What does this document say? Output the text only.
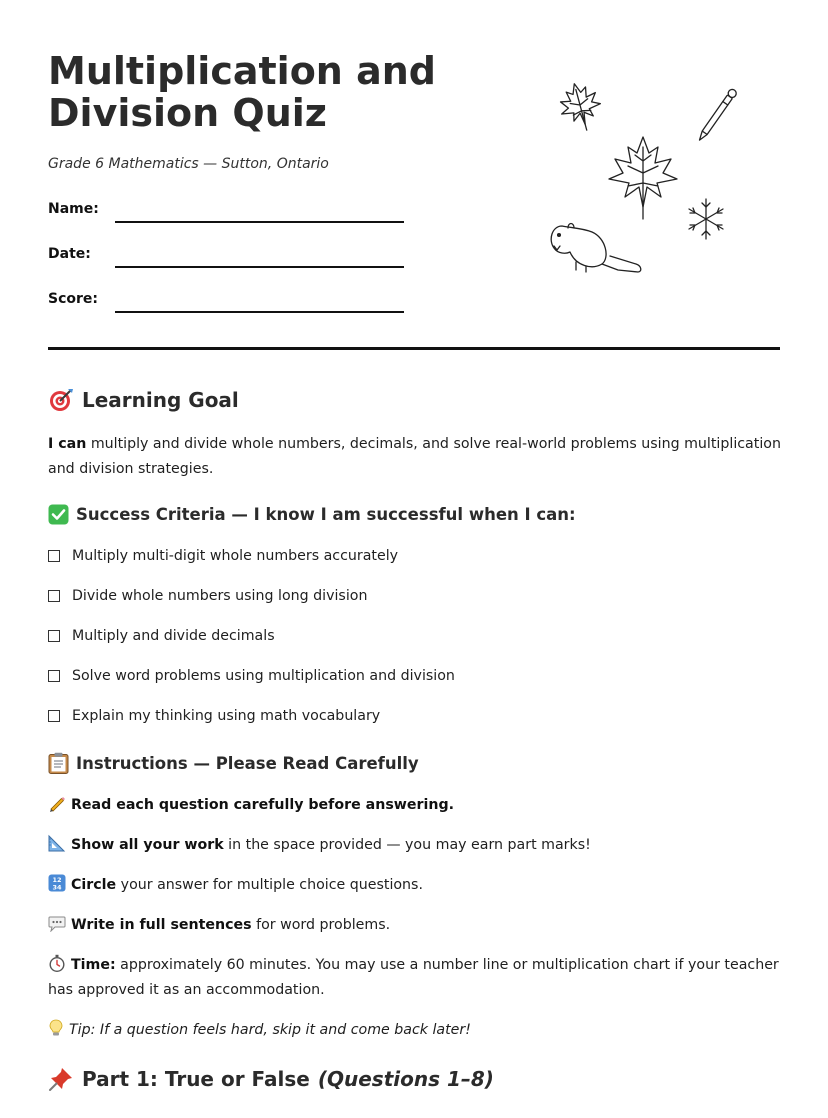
Multiplication and Division Quiz
Grade 6 Mathematics — Sutton, Ontario
Name:
Date:
Score:
Learning Goal
I can multiply and divide whole numbers, decimals, and solve real-world problems using multiplication and division strategies.
Success Criteria — I know I am successful when I can:
Multiply multi-digit whole numbers accurately
Divide whole numbers using long division
Multiply and divide decimals
Solve word problems using multiplication and division
Explain my thinking using math vocabulary
Instructions — Please Read Carefully
Read each question carefully before answering.
Show all your work in the space provided — you may earn part marks!
12
34 Circle your answer for multiple choice questions.
Write in full sentences for word problems.
Time: approximately 60 minutes. You may use a number line or multiplication chart if your teacher has approved it as an accommodation.
Tip: If a question feels hard, skip it and come back later!
Part 1: True or False (Questions 1–8)
